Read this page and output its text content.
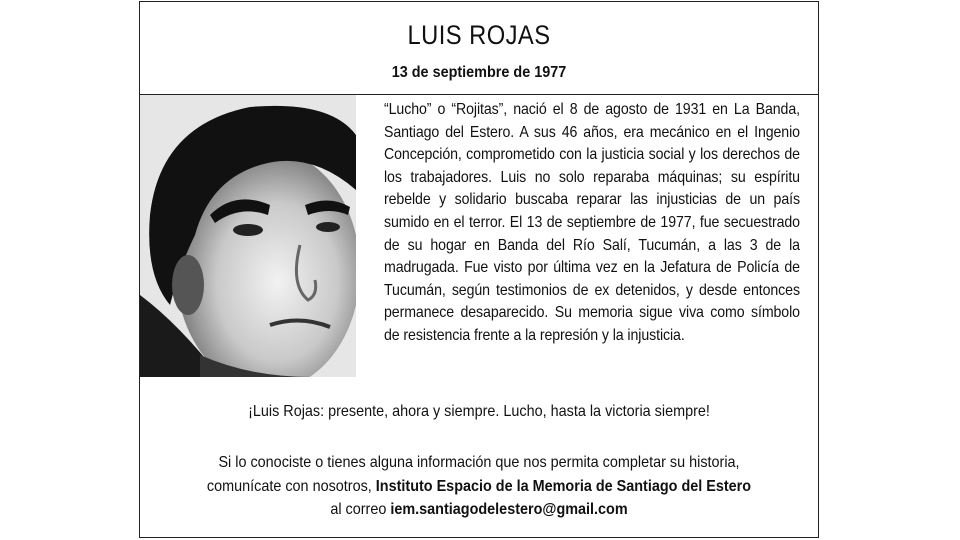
LUIS ROJAS
13 de septiembre de 1977
“Lucho” o “Rojitas”, nació el 8 de agosto de 1931 en La Banda, Santiago del Estero. A sus 46 años, era mecánico en el Ingenio Concepción, comprometido con la justicia social y los derechos de los trabajadores. Luis no solo reparaba máquinas; su espíritu rebelde y solidario buscaba reparar las injusticias de un país sumido en el terror. El 13 de septiembre de 1977, fue secuestrado de su hogar en Banda del Río Salí, Tucumán, a las 3 de la madrugada. Fue visto por última vez en la Jefatura de Policía de Tucumán, según testimonios de ex detenidos, y desde entonces permanece desaparecido. Su memoria sigue viva como símbolo de resistencia frente a la represión y la injusticia.
¡Luis Rojas: presente, ahora y siempre. Lucho, hasta la victoria siempre!
Si lo conociste o tienes alguna información que nos permita completar su historia,
comunícate con nosotros, Instituto Espacio de la Memoria de Santiago del Estero
al correo iem.santiagodelestero@gmail.com
